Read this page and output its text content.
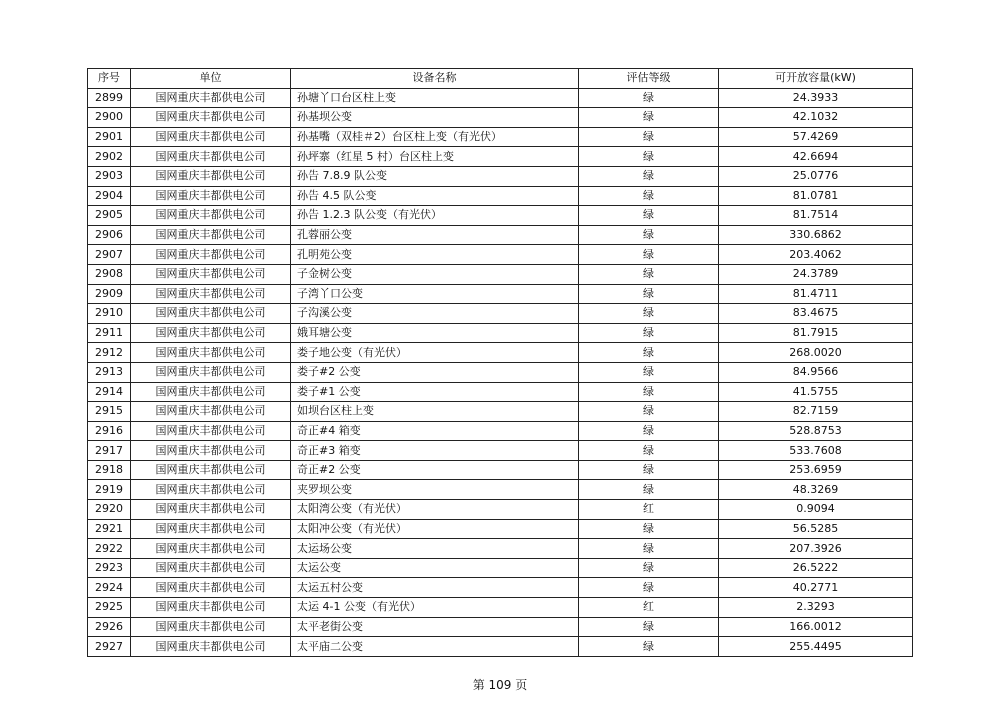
序号	单位	设备名称	评估等级	可开放容量(kW)
2899	国网重庆丰都供电公司	孙塘丫口台区柱上变	绿	24.3933
2900	国网重庆丰都供电公司	孙基坝公变	绿	42.1032
2901	国网重庆丰都供电公司	孙基嘴（双桂＃2）台区柱上变（有光伏）	绿	57.4269
2902	国网重庆丰都供电公司	孙坪寨（红星 5 村）台区柱上变	绿	42.6694
2903	国网重庆丰都供电公司	孙告 7.8.9 队公变	绿	25.0776
2904	国网重庆丰都供电公司	孙告 4.5 队公变	绿	81.0781
2905	国网重庆丰都供电公司	孙告 1.2.3 队公变（有光伏）	绿	81.7514
2906	国网重庆丰都供电公司	孔蓉丽公变	绿	330.6862
2907	国网重庆丰都供电公司	孔明苑公变	绿	203.4062
2908	国网重庆丰都供电公司	子金树公变	绿	24.3789
2909	国网重庆丰都供电公司	子湾丫口公变	绿	81.4711
2910	国网重庆丰都供电公司	子沟溪公变	绿	83.4675
2911	国网重庆丰都供电公司	娥耳塘公变	绿	81.7915
2912	国网重庆丰都供电公司	娄子地公变（有光伏）	绿	268.0020
2913	国网重庆丰都供电公司	娄子#2 公变	绿	84.9566
2914	国网重庆丰都供电公司	娄子#1 公变	绿	41.5755
2915	国网重庆丰都供电公司	如坝台区柱上变	绿	82.7159
2916	国网重庆丰都供电公司	奇正#4 箱变	绿	528.8753
2917	国网重庆丰都供电公司	奇正#3 箱变	绿	533.7608
2918	国网重庆丰都供电公司	奇正#2 公变	绿	253.6959
2919	国网重庆丰都供电公司	夹罗坝公变	绿	48.3269
2920	国网重庆丰都供电公司	太阳湾公变（有光伏）	红	0.9094
2921	国网重庆丰都供电公司	太阳冲公变（有光伏）	绿	56.5285
2922	国网重庆丰都供电公司	太运场公变	绿	207.3926
2923	国网重庆丰都供电公司	太运公变	绿	26.5222
2924	国网重庆丰都供电公司	太运五村公变	绿	40.2771
2925	国网重庆丰都供电公司	太运 4-1 公变（有光伏）	红	2.3293
2926	国网重庆丰都供电公司	太平老街公变	绿	166.0012
2927	国网重庆丰都供电公司	太平庙二公变	绿	255.4495
第 109 页
